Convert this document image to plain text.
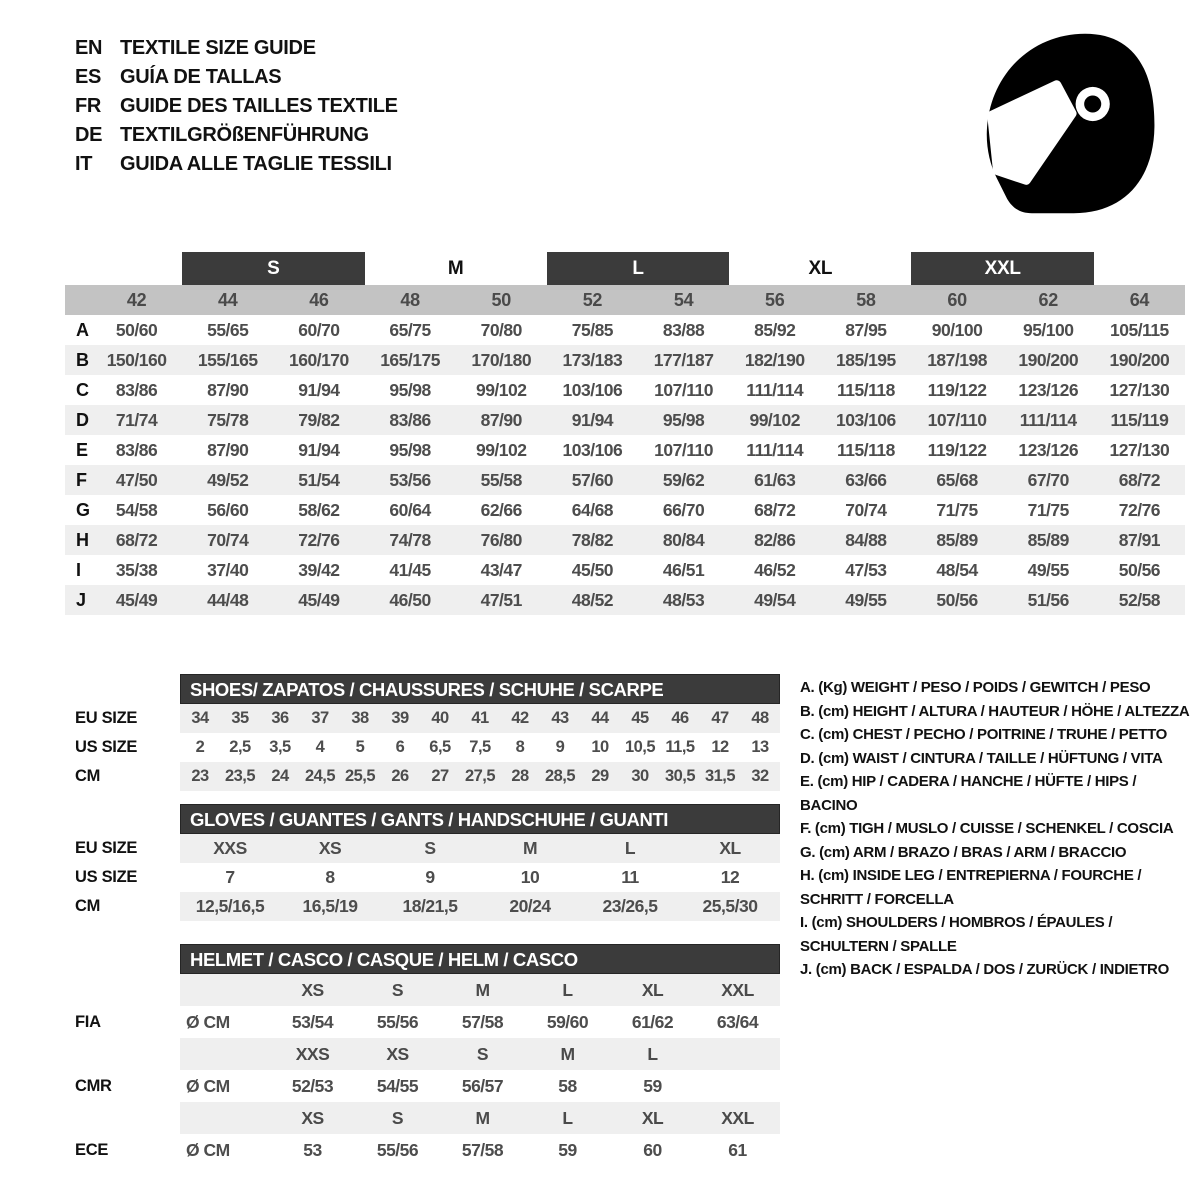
EN TEXTILE SIZE GUIDE
ES GUÍA DE TALLAS
FR GUIDE DES TAILLES TEXTILE
DE TEXTILGRÖßENFÜHRUNG
IT	GUIDA ALLE TAGLIE TESSILI
S	M	L	XL	XXL
42	44	46	48	50	52	54	56	58	60	62	64
A	50/60	55/65	60/70	65/75	70/80	75/85	83/88	85/92	87/95	90/100	95/100	105/115
B	150/160	155/165	160/170	165/175	170/180	173/183	177/187	182/190	185/195	187/198	190/200	190/200
C	83/86	87/90	91/94	95/98	99/102	103/106	107/110	111/114	115/118	119/122	123/126	127/130
D	71/74	75/78	79/82	83/86	87/90	91/94	95/98	99/102	103/106	107/110	111/114	115/119
E	83/86	87/90	91/94	95/98	99/102	103/106	107/110	111/114	115/118	119/122	123/126	127/130
F	47/50	49/52	51/54	53/56	55/58	57/60	59/62	61/63	63/66	65/68	67/70	68/72
G	54/58	56/60	58/62	60/64	62/66	64/68	66/70	68/72	70/74	71/75	71/75	72/76
H	68/72	70/74	72/76	74/78	76/80	78/82	80/84	82/86	84/88	85/89	85/89	87/91
I	35/38	37/40	39/42	41/45	43/47	45/50	46/51	46/52	47/53	48/54	49/55	50/56
J	45/49	44/48	45/49	46/50	47/51	48/52	48/53	49/54	49/55	50/56	51/56	52/58
SHOES/ ZAPATOS / CHAUSSURES / SCHUHE / SCARPE
EU SIZE	34	35	36	37	38	39	40	41	42	43	44	45	46	47	48
US SIZE	2	2,5	3,5	4	5	6	6,5	7,5	8	9	10 10,5 11,5	12	13
CM	23 23,5 24 24,5 25,5 26	27 27,5 28 28,5 29	30 30,5 31,5 32
GLOVES / GUANTES / GANTS / HANDSCHUHE / GUANTI
EU SIZE	XXS	XS	S	M	L	XL
US SIZE	7	8	9	10	11	12
CM	12,5/16,5	16,5/19	18/21,5	20/24	23/26,5	25,5/30
HELMET / CASCO / CASQUE / HELM / CASCO
XS	S	M	L	XL	XXL
FIA	Ø CM	53/54	55/56	57/58	59/60	61/62	63/64
XXS	XS	S	M	L
CMR	Ø CM	52/53	54/55	56/57	58	59
XS	S	M	L	XL	XXL
ECE	Ø CM	53	55/56	57/58	59	60	61
A. (Kg) WEIGHT / PESO / POIDS / GEWITCH / PESO
B. (cm) HEIGHT / ALTURA / HAUTEUR / HÖHE / ALTEZZA
C. (cm) CHEST / PECHO / POITRINE / TRUHE / PETTO
D. (cm) WAIST / CINTURA / TAILLE / HÜFTUNG / VITA
E. (cm) HIP / CADERA / HANCHE / HÜFTE / HIPS / BACINO
F. (cm) TIGH / MUSLO / CUISSE / SCHENKEL / COSCIA
G. (cm) ARM / BRAZO / BRAS / ARM / BRACCIO
H. (cm) INSIDE LEG / ENTREPIERNA / FOURCHE / SCHRITT / FORCELLA
I. (cm) SHOULDERS / HOMBROS / ÉPAULES / SCHULTERN / SPALLE
J. (cm) BACK / ESPALDA / DOS / ZURÜCK / INDIETRO
